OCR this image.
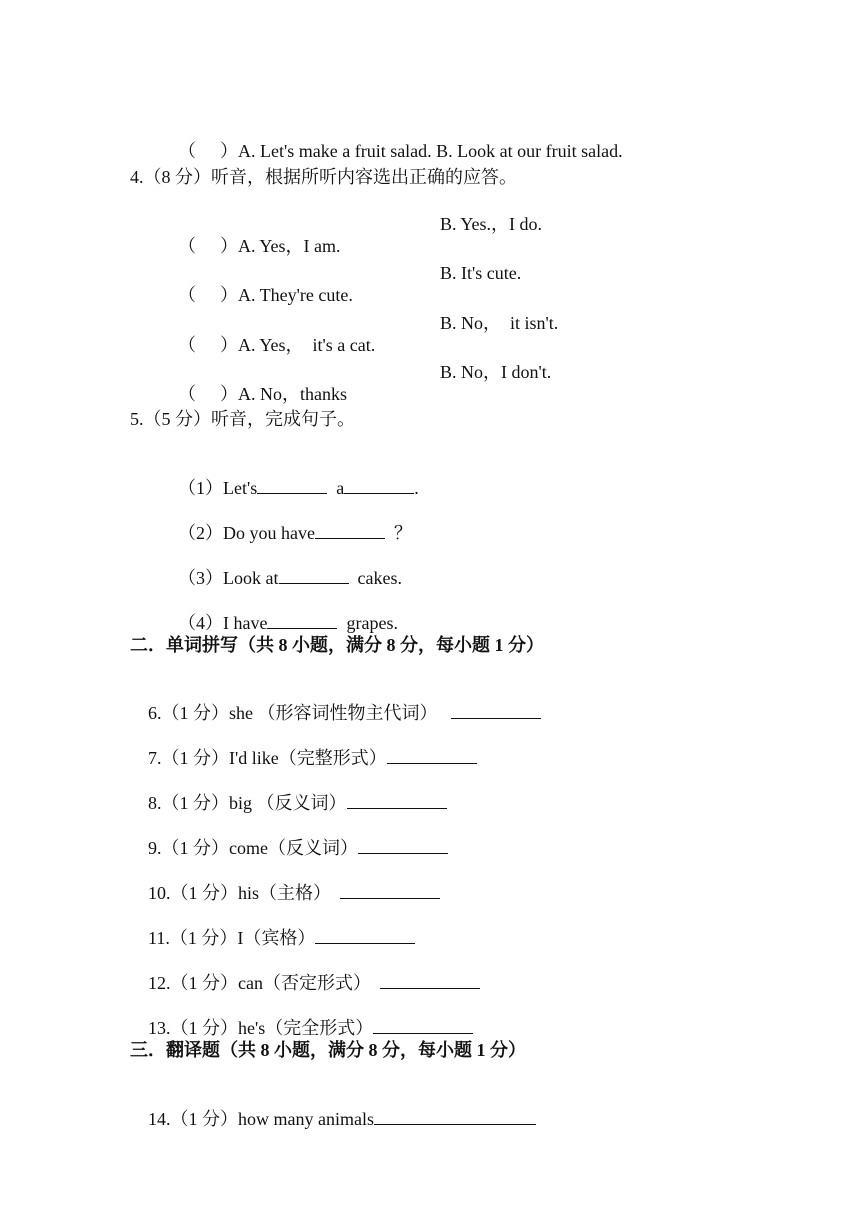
（ ）A. Let's make a fruit salad. B. Look at our fruit salad.

4.（8 分）听音，根据所听内容选出正确的应答。

（ ）A. Yes，I am.

B. Yes.，I do.

（ ）A. They're cute.

B. It's cute.

（ ）A. Yes，  it's a cat.

B. No，  it isn't.

（ ）A. No，thanks

B. No，I don't.

5.（5 分）听音，完成句子。

（1）Let's	a	.

（2）Do you have	？

（3）Look at	cakes.

（4）I have	grapes.

二．单词拼写（共 8 小题，满分 8 分，每小题 1 分）

6.（1 分）she （形容词性物主代词）

7.（1 分）I'd like（完整形式）

8.（1 分）big （反义词）

9.（1 分）come（反义词）

10.（1 分）his（主格）

11.（1 分）I（宾格）

12.（1 分）can（否定形式）

13.（1 分）he's（完全形式）

三．翻译题（共 8 小题，满分 8 分，每小题 1 分）

14.（1 分）how many animals
